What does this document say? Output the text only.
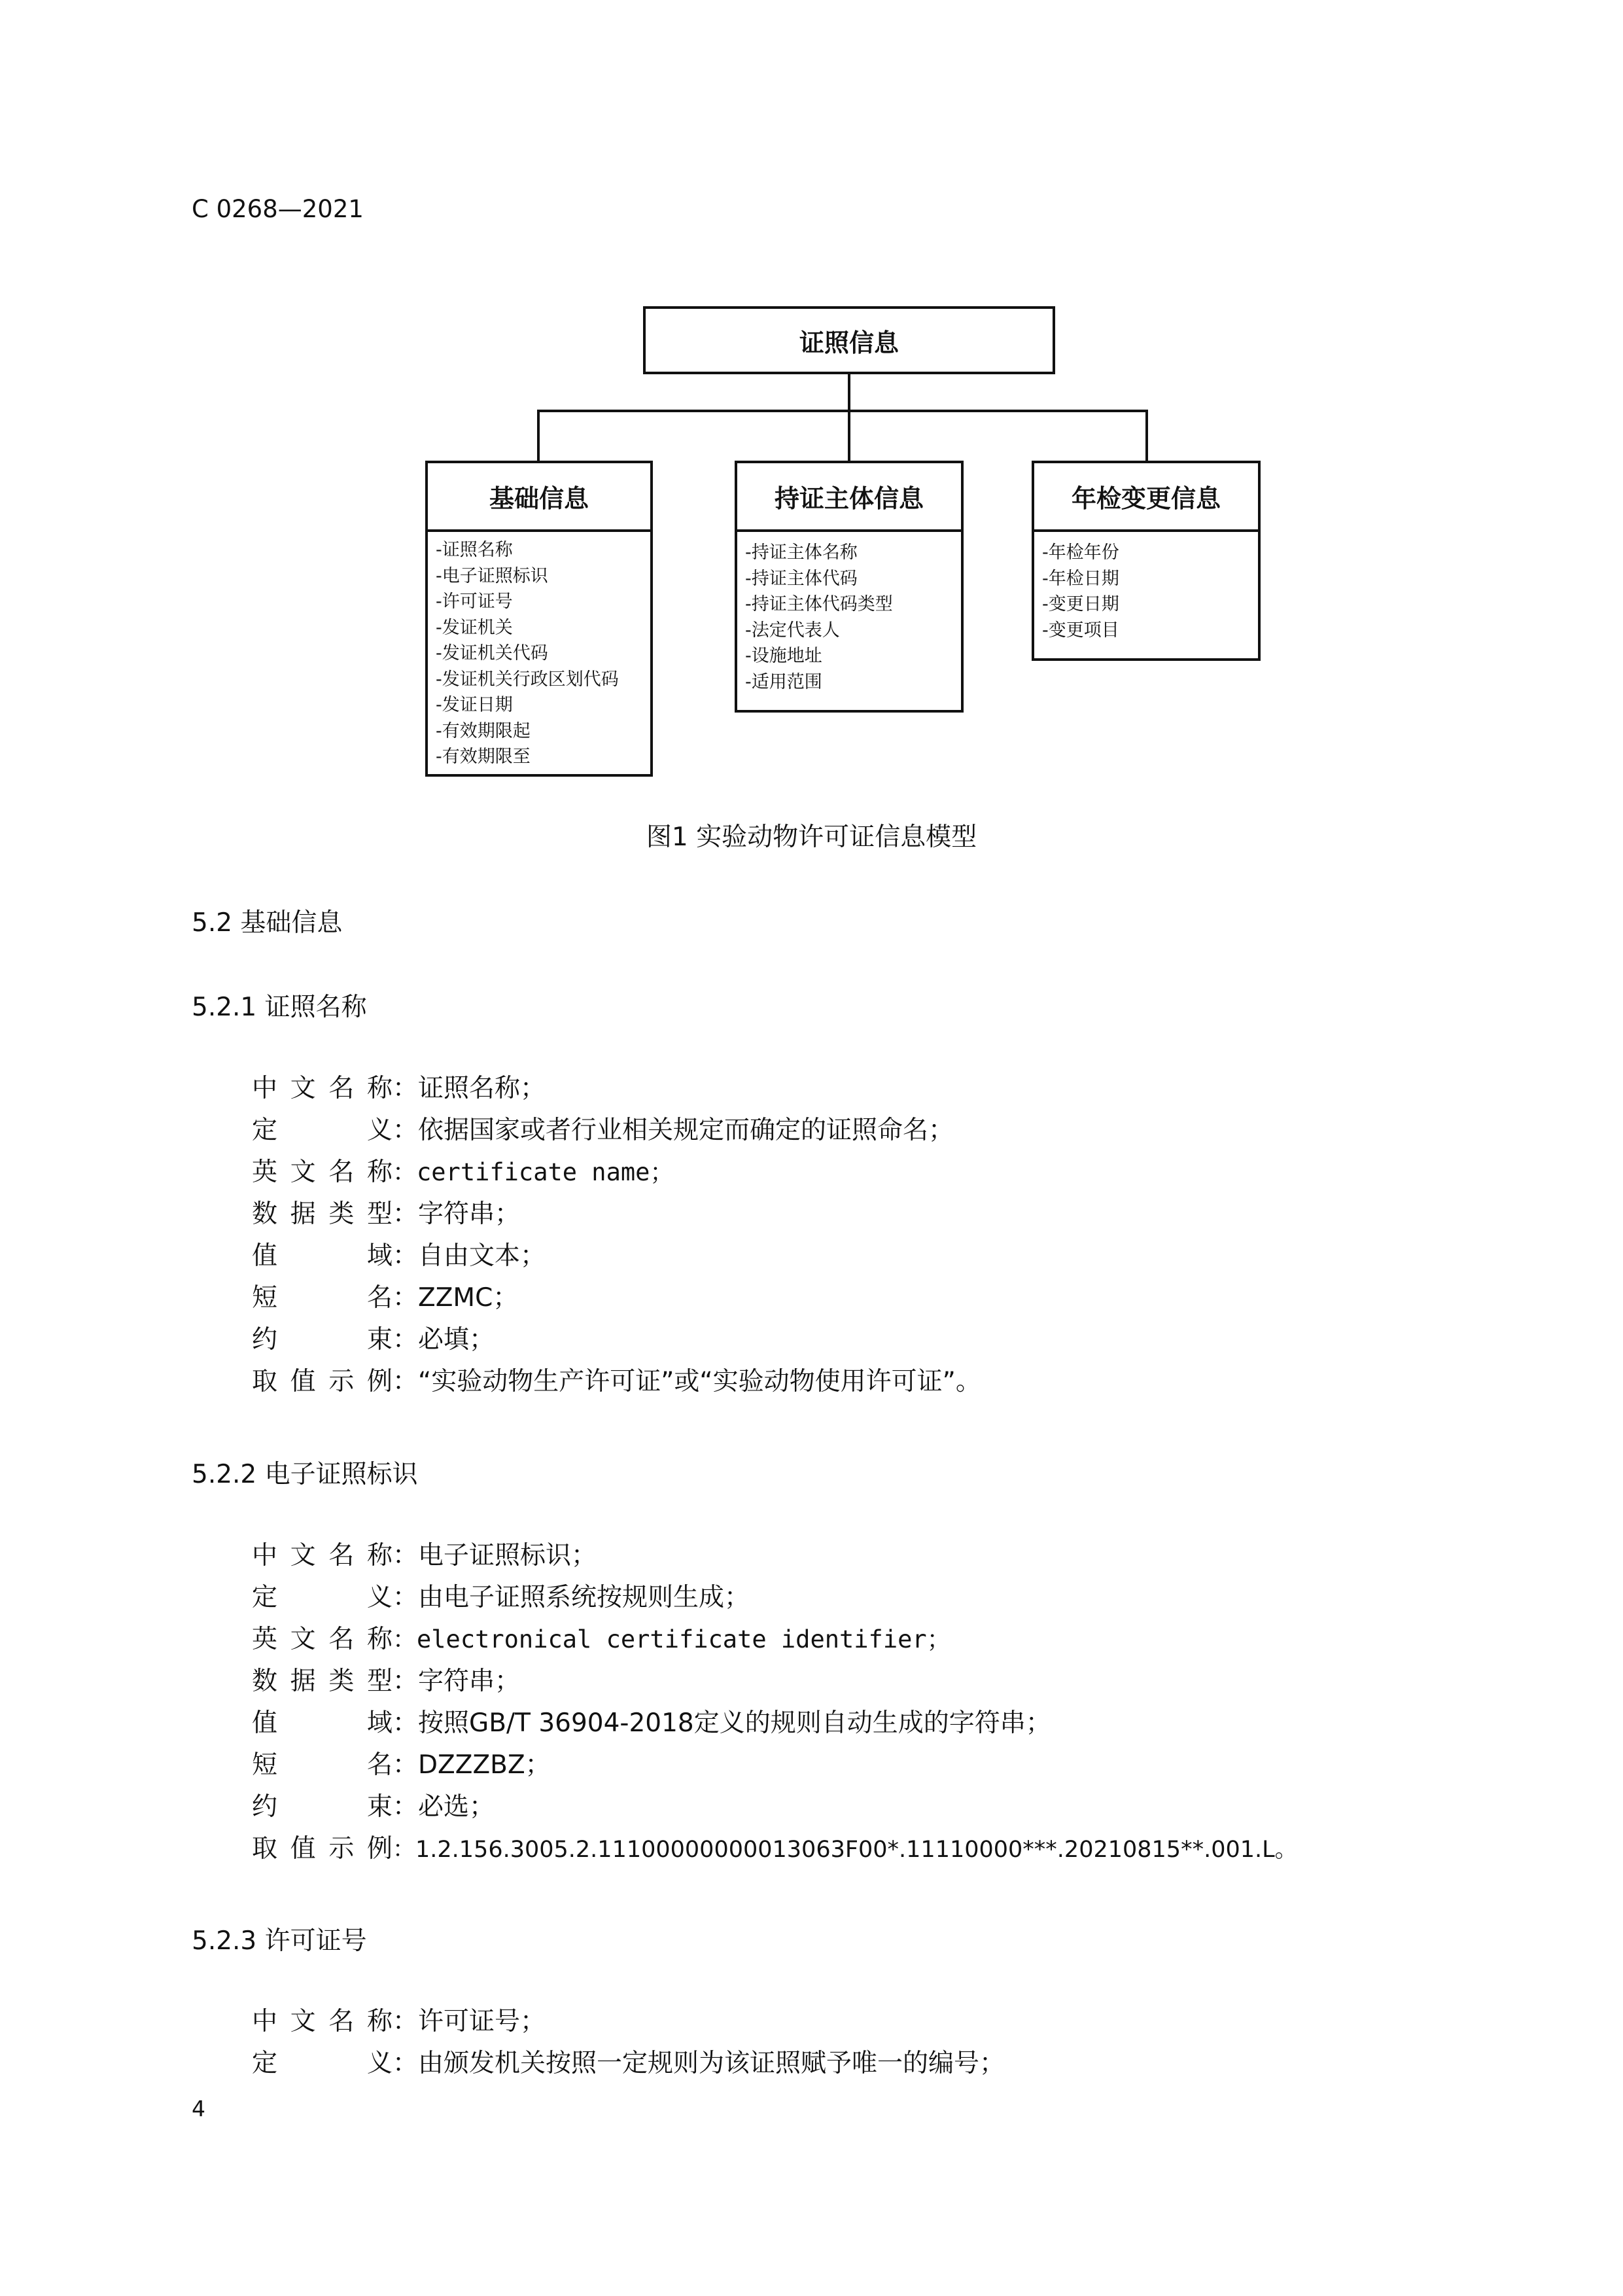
C 0268—2021
证照信息
基础信息
-证照名称
-电子证照标识
-许可证号
-发证机关
-发证机关代码
-发证机关行政区划代码
-发证日期
-有效期限起
-有效期限至
持证主体信息
-持证主体名称
-持证主体代码
-持证主体代码类型
-法定代表人
-设施地址
-适用范围
年检变更信息
-年检年份
-年检日期
-变更日期
-变更项目
图1 实验动物许可证信息模型
5.2 基础信息
5.2.1 证照名称
中文名称：证照名称；
定义：依据国家或者行业相关规定而确定的证照命名；
英文名称：certificate name；
数据类型：字符串；
值域：自由文本；
短名：ZZMC；
约束：必填；
取值示例：“实验动物生产许可证”或“实验动物使用许可证”。
5.2.2 电子证照标识
中文名称：电子证照标识；
定义：由电子证照系统按规则生成；
英文名称：electronical certificate identifier；
数据类型：字符串；
值域：按照GB/T 36904-2018定义的规则自动生成的字符串；
短名：DZZZBZ；
约束：必选；
取值示例：1.2.156.3005.2.11100000000013063F00*.11110000***.20210815**.001.L。
5.2.3 许可证号
中文名称：许可证号；
定义：由颁发机关按照一定规则为该证照赋予唯一的编号；
4
